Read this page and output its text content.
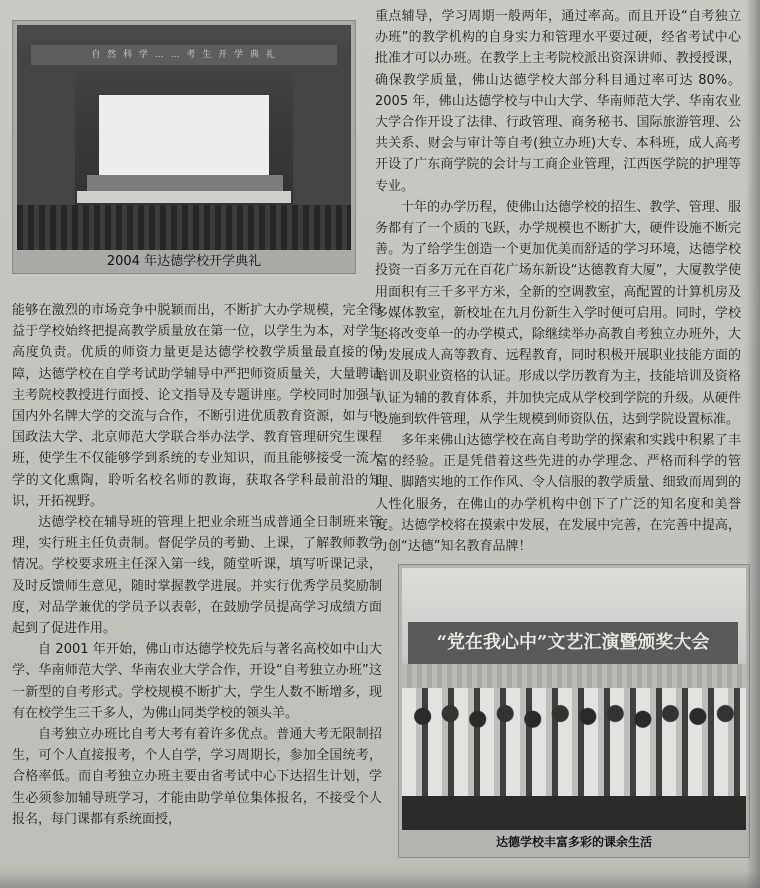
自 然 科 学 … … 考 生 开 学 典 礼
2004 年达德学校开学典礼

能够在激烈的市场竞争中脱颖而出，不断扩大办学规模，完全得益于学校始终把提高教学质量放在第一位，以学生为本，对学生高度负责。优质的师资力量更是达德学校教学质量最直接的保障，达德学校在自学考试助学辅导中严把师资质量关，大量聘请主考院校教授进行面授、论文指导及专题讲座。学校同时加强与国内外名牌大学的交流与合作，不断引进优质教育资源，如与中国政法大学、北京师范大学联合举办法学、教育管理研究生课程班，使学生不仅能够学到系统的专业知识，而且能够接受一流大学的文化熏陶，聆听名校名师的教诲，获取各学科最前沿的知识，开拓视野。

达德学校在辅导班的管理上把业余班当成普通全日制班来管理，实行班主任负责制。督促学员的考勤、上课，了解教师教学情况。学校要求班主任深入第一线，随堂听课，填写听课记录，及时反馈师生意见，随时掌握教学进展。并实行优秀学员奖励制度，对品学兼优的学员予以表彰，在鼓励学员提高学习成绩方面起到了促进作用。

自 2001 年开始，佛山市达德学校先后与著名高校如中山大学、华南师范大学、华南农业大学合作，开设“自考独立办班”这一新型的自考形式。学校规模不断扩大，学生人数不断增多，现有在校学生三千多人，为佛山同类学校的领头羊。

自考独立办班比自考大考有着许多优点。普通大考无限制招生，可个人直接报考，个人自学，学习周期长，参加全国统考，合格率低。而自考独立办班主要由省考试中心下达招生计划，学生必须参加辅导班学习，才能由助学单位集体报名，不接受个人报名，每门课都有系统面授，

重点辅导，学习周期一般两年，通过率高。而且开设“自考独立办班”的教学机构的自身实力和管理水平要过硬，经省考试中心批准才可以办班。在教学上主考院校派出资深讲师、教授授课，确保教学质量，佛山达德学校大部分科目通过率可达 80%。2005 年，佛山达德学校与中山大学、华南师范大学、华南农业大学合作开设了法律、行政管理、商务秘书、国际旅游管理、公共关系、财会与审计等自考(独立办班)大专、本科班，成人高考开设了广东商学院的会计与工商企业管理，江西医学院的护理等专业。

十年的办学历程，使佛山达德学校的招生、教学、管理、服务都有了一个质的飞跃，办学规模也不断扩大，硬件设施不断完善。为了给学生创造一个更加优美而舒适的学习环境，达德学校投资一百多万元在百花广场东新设“达德教育大厦”，大厦教学使用面积有三千多平方米，全新的空调教室，高配置的计算机房及多媒体教室，新校址在九月份新生入学时便可启用。同时，学校还将改变单一的办学模式，除继续举办高教自考独立办班外，大力发展成人高等教育、远程教育，同时积极开展职业技能方面的培训及职业资格的认证。形成以学历教育为主，技能培训及资格认证为辅的教育体系，并加快完成从学校到学院的升级。从硬件设施到软件管理，从学生规模到师资队伍，达到学院设置标准。

多年来佛山达德学校在高自考助学的探索和实践中积累了丰富的经验。正是凭借着这些先进的办学理念、严格而科学的管理、脚踏实地的工作作风、令人信服的教学质量、细致而周到的人性化服务，在佛山的办学机构中创下了广泛的知名度和美誉度。达德学校将在摸索中发展，在发展中完善，在完善中提高，力创“达德”知名教育品牌！

“党在我心中”文艺汇演暨颁奖大会
达德学校丰富多彩的课余生活
